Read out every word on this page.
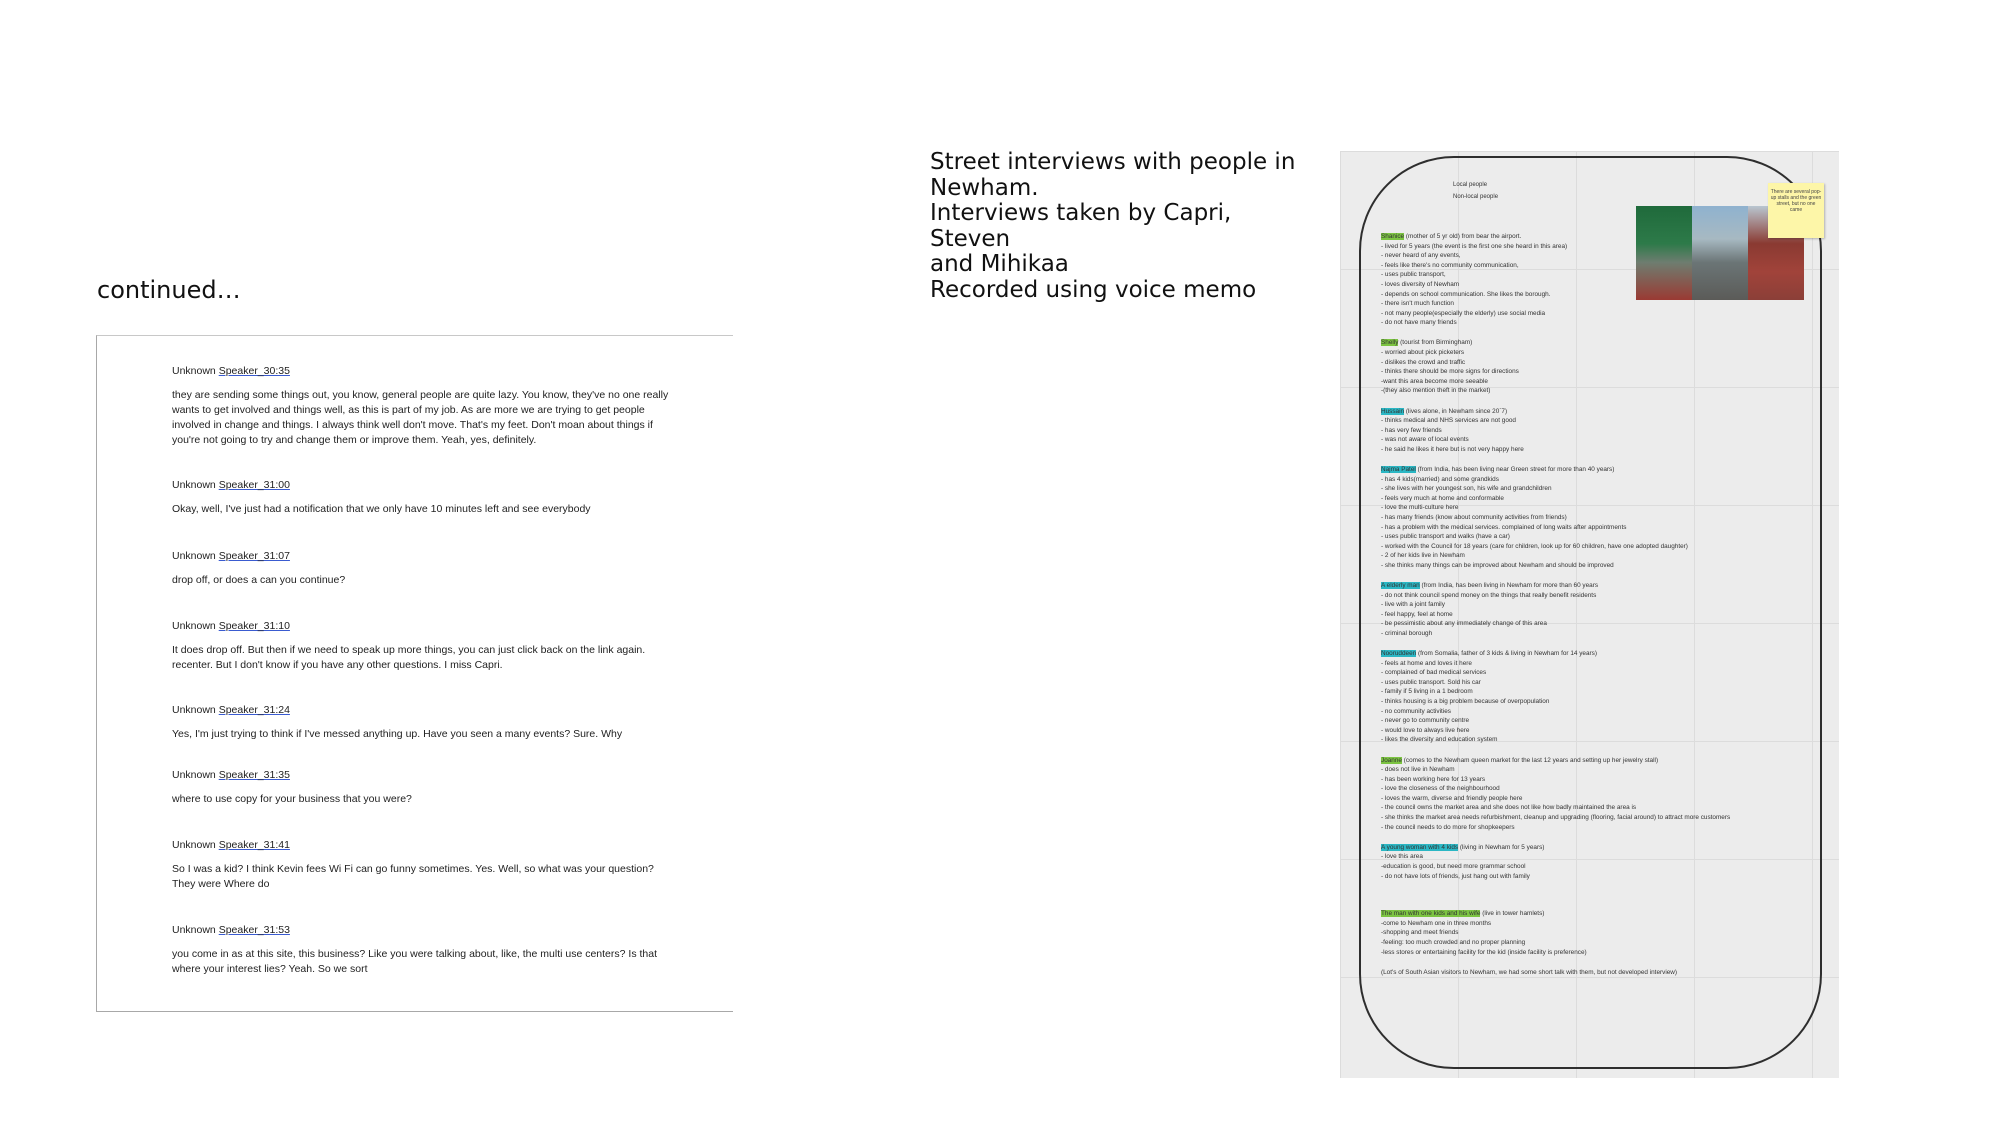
continued…
Unknown Speaker_30:35
they are sending some things out, you know, general people are quite lazy. You know, they've no one really wants to get involved and things well, as this is part of my job. As are more we are trying to get people involved in change and things. I always think well don't move. That's my feet. Don't moan about things if you're not going to try and change them or improve them. Yeah, yes, definitely.
Unknown Speaker_31:00
Okay, well, I've just had a notification that we only have 10 minutes left and see everybody
Unknown Speaker_31:07
drop off, or does a can you continue?
Unknown Speaker_31:10
It does drop off. But then if we need to speak up more things, you can just click back on the link again. recenter. But I don't know if you have any other questions. I miss Capri.
Unknown Speaker_31:24
Yes, I'm just trying to think if I've messed anything up. Have you seen a many events? Sure. Why
Unknown Speaker_31:35
where to use copy for your business that you were?
Unknown Speaker_31:41
So I was a kid? I think Kevin fees Wi Fi can go funny sometimes. Yes. Well, so what was your question? They were Where do
Unknown Speaker_31:53
you come in as at this site, this business? Like you were talking about, like, the multi use centers? Is that where your interest lies? Yeah. So we sort
Street interviews with people in
Newham.
Interviews taken by Capri, Steven
and Mihikaa
Recorded using voice memo
Local people
Non-local people
There are several pop-up stalls and the green street, but no one came

Shanice (mother of 5 yr old) from bear the airport.

- lived for 5 years (the event is the first one she heard in this area)

- never heard of any events,

- feels like there's no community communication,

- uses public transport,

- loves diversity of Newham

- depends on school communication. She likes the borough.

- there isn't much function

- not many people(especially the elderly) use social media

- do not have many friends

Shelly (tourist from Birmingham)

- worried about pick picketers

- dislikes the crowd and traffic

- thinks there should be more signs for directions

-want this area become more seeable

-(they also mention theft in the market)

Hussain (lives alone, in Newham since 20`7)

- thinks medical and NHS services are not good

- has very few friends

- was not aware of local events

- he said he likes it here but is not very happy here

Najma Patel (from India, has been living near Green street for more than 40 years)

- has 4 kids(married) and some grandkids

- she lives with her youngest son, his wife and grandchildren

- feels very much at home and conformable

- love the multi-culture here

- has many friends (know about community activities from friends)

- has a problem with the medical services. complained of long waits after appointments

- uses public transport and walks (have a car)

- worked with the Council for 18 years (care for children, look up for 60 children, have one adopted daughter)

- 2 of her kids live in Newham

- she thinks many things can be improved about Newham and should be improved

A elderly man (from India, has been living in Newham for more than 60 years

- do not think council spend money on the things that really benefit residents

- live with a joint family

- feel happy, feel at home

- be pessimistic about any immediately change of this area

- criminal borough

Nooruddeen (from Somalia, father of 3 kids & living in Newham for 14 years)

- feels at home and loves it here

- complained of bad medical services

- uses public transport. Sold his car

- family if 5 living in a 1 bedroom

- thinks housing is a big problem because of overpopulation

- no community activities

- never go to community centre

- would love to always live here

- likes the diversity and education system

Joanne (comes to the Newham queen market for the last 12 years and setting up her jewelry stall)

- does not live in Newham

- has been working here for 13 years

- love the closeness of the neighbourhood

- loves the warm, diverse and friendly people here

- the council owns the market area and she does not like how badly maintained the area is

- she thinks the market area needs refurbishment, cleanup and upgrading (flooring, facial around) to attract more customers

- the council needs to do more for shopkeepers

A young woman with 4 kids (living in Newham for 5 years)

- love this area

-education is good, but need more grammar school

- do not have lots of friends, just hang out with family

The man with one kids and his wife (live in tower hamlets)

-come to Newham one in three months

-shopping and meet friends

-feeling: too much crowded and no proper planning

-less stores or entertaining facility for the kid (inside facility is preference)

(Lot's of South Asian visitors to Newham, we had some short talk with them, but not developed interview)
